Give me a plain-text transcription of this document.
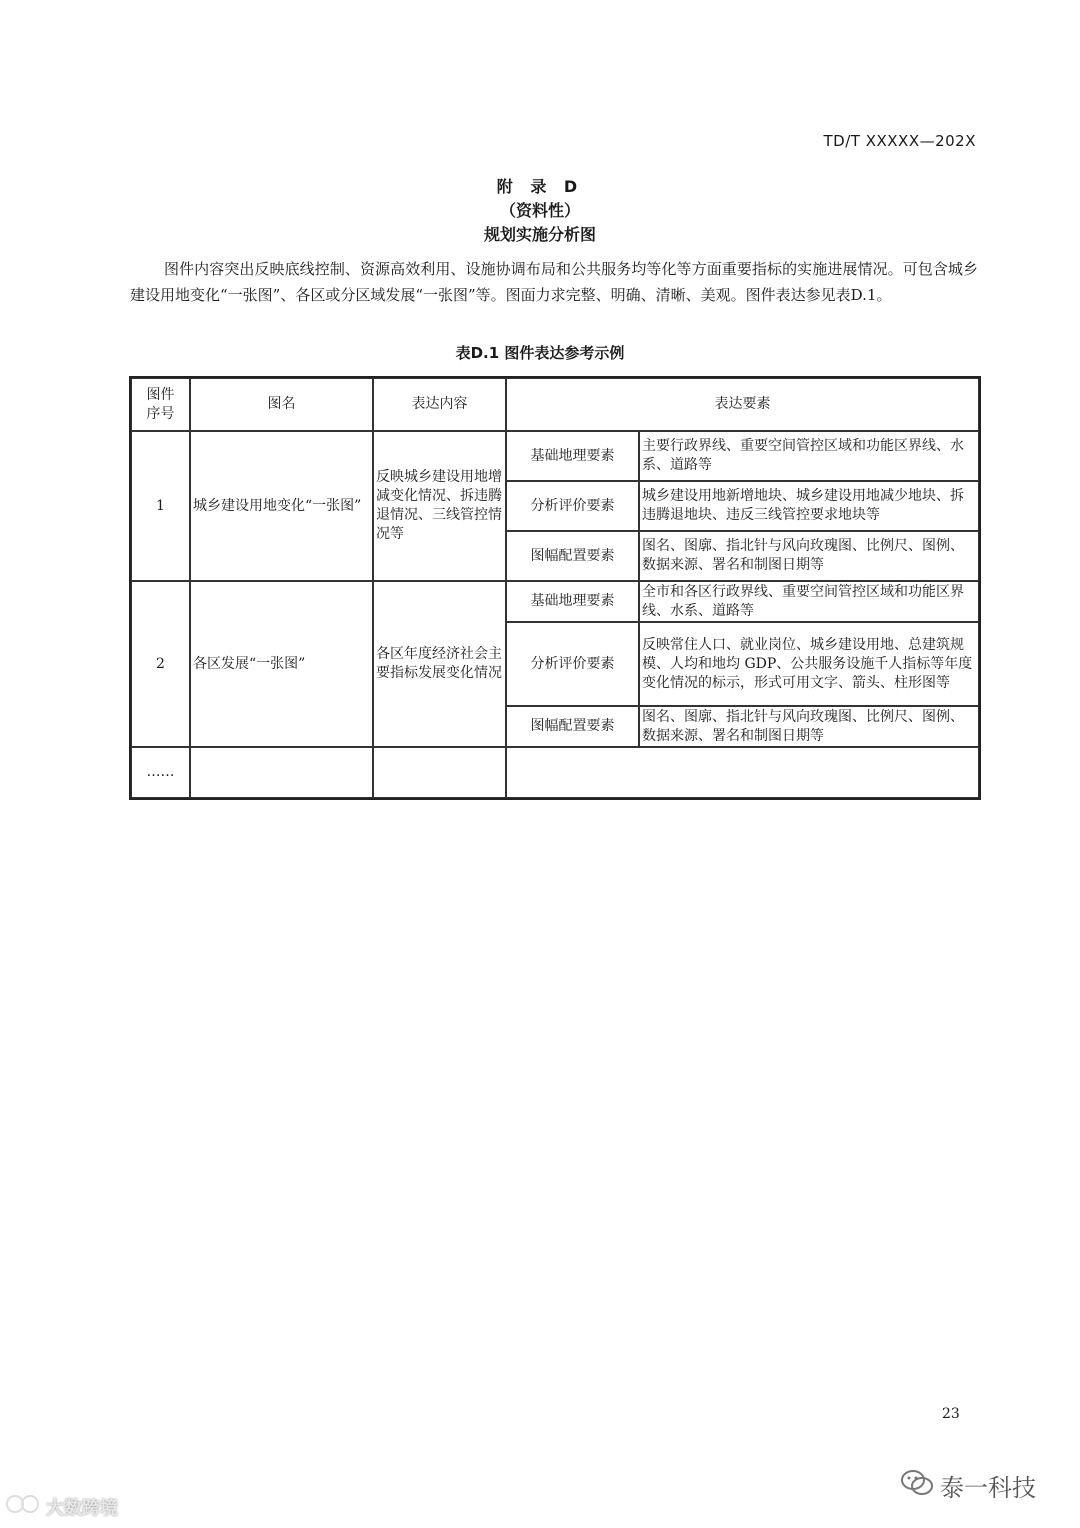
TD/T XXXXX—202X
附 录 D
（资料性）
规划实施分析图

图件内容突出反映底线控制、资源高效利用、设施协调布局和公共服务均等化等方面重要指标的实施进展情况。可包含城乡建设用地变化“一张图”、各区或分区域发展“一张图”等。图面力求完整、明确、清晰、美观。图件表达参见表D.1。

表D.1 图件表达参考示例
图件
序号	图名	表达内容	表达要素	
1	城乡建设用地变化“一张图”	反映城乡建设用地增减变化情况、拆违腾退情况、三线管控情况等	基础地理要素	主要行政界线、重要空间管控区域和功能区界线、水系、道路等
			分析评价要素	城乡建设用地新增地块、城乡建设用地减少地块、拆违腾退地块、违反三线管控要求地块等
			图幅配置要素	图名、图廓、指北针与风向玫瑰图、比例尺、图例、数据来源、署名和制图日期等
2	各区发展“一张图”	各区年度经济社会主要指标发展变化情况	基础地理要素	全市和各区行政界线、重要空间管控区域和功能区界线、水系、道路等
			分析评价要素	反映常住人口、就业岗位、城乡建设用地、总建筑规模、人均和地均 GDP、公共服务设施千人指标等年度变化情况的标示，形式可用文字、箭头、柱形图等
			图幅配置要素	图名、图廓、指北针与风向玫瑰图、比例尺、图例、数据来源、署名和制图日期等
……				
23
泰一科技
大数跨境
